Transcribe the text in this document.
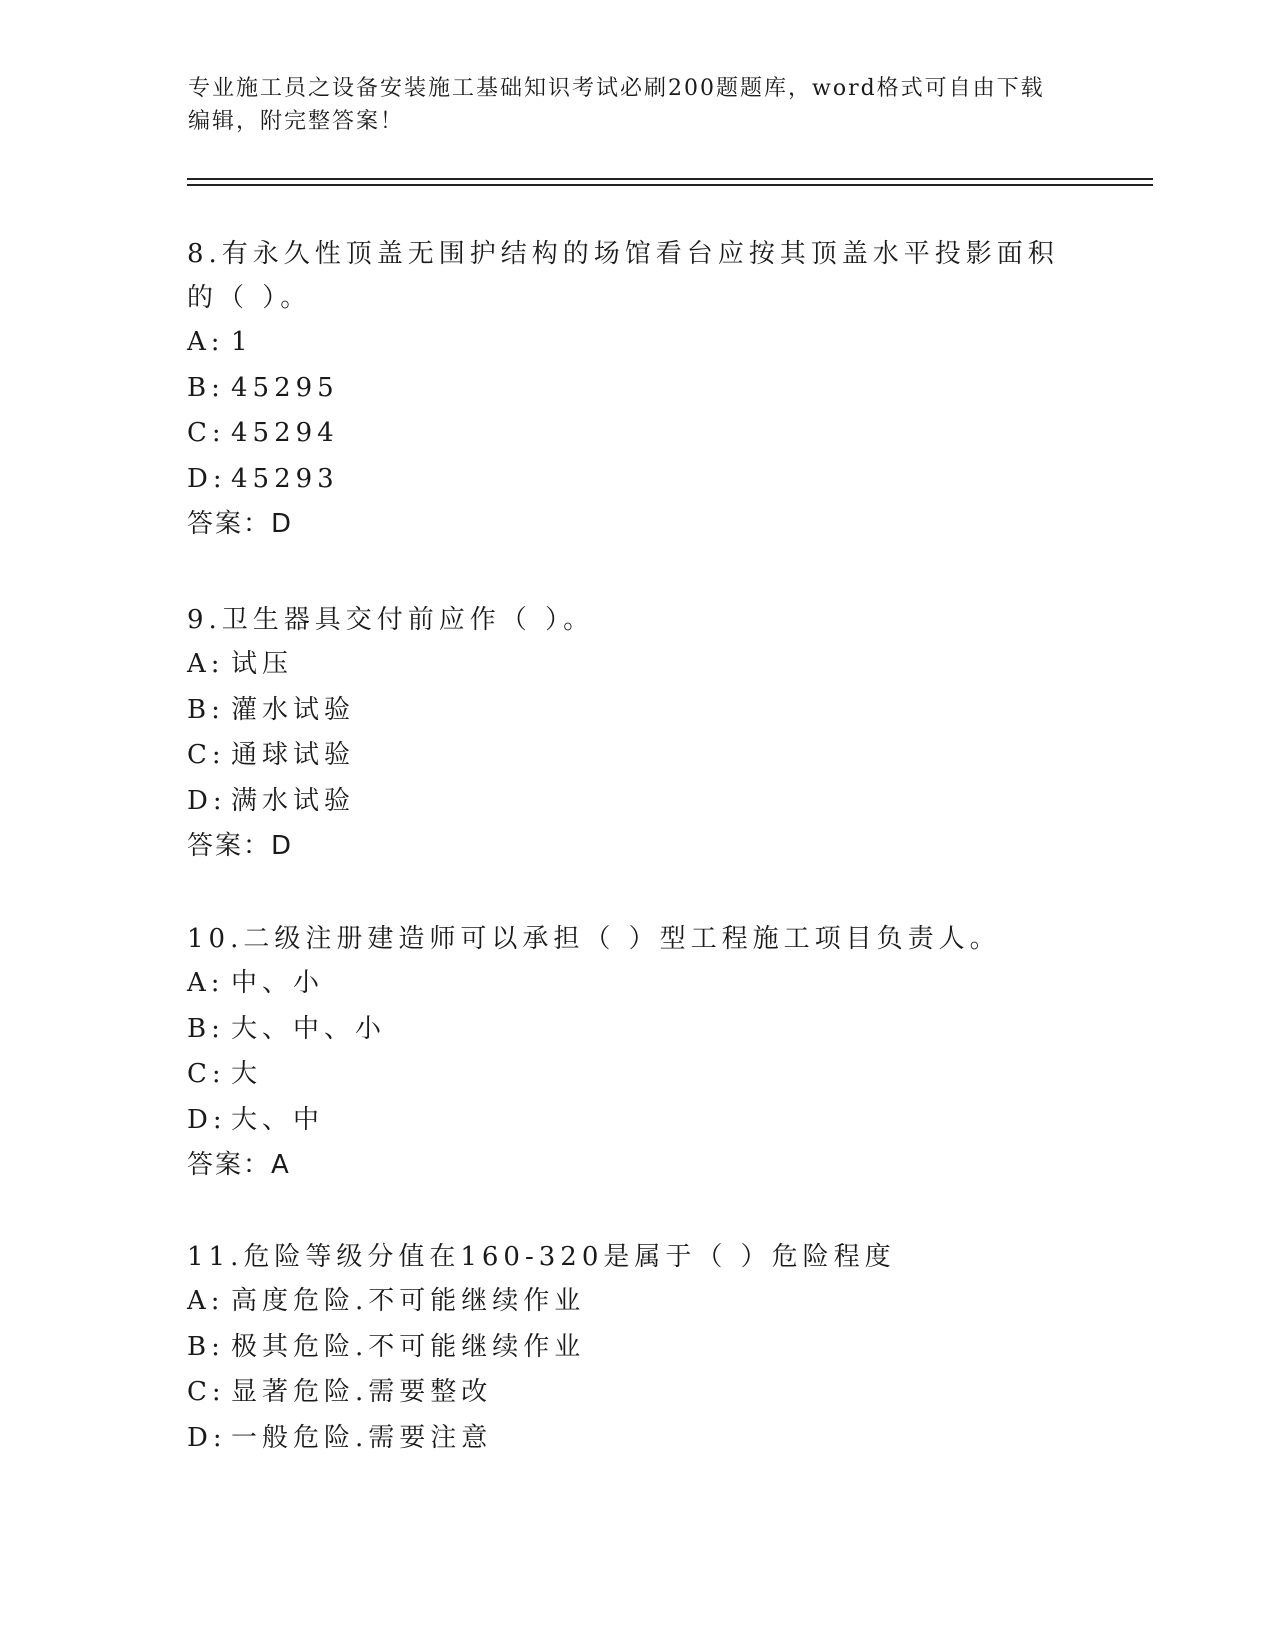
专业施工员之设备安装施工基础知识考试必刷200题题库，word格式可自由下载
编辑，附完整答案！

8.有永久性顶盖无围护结构的场馆看台应按其顶盖水平投影面积的（ ）。

A: 1

B: 45295

C: 45294

D: 45293

答案：D

9.卫生器具交付前应作（ ）。

A: 试压

B: 灌水试验

C: 通球试验

D: 满水试验

答案：D

10.二级注册建造师可以承担（ ）型工程施工项目负责人。

A: 中、小

B: 大、中、小

C: 大

D: 大、中

答案：A

11.危险等级分值在160-320是属于（ ）危险程度

A: 高度危险.不可能继续作业

B: 极其危险.不可能继续作业

C: 显著危险.需要整改

D: 一般危险.需要注意
